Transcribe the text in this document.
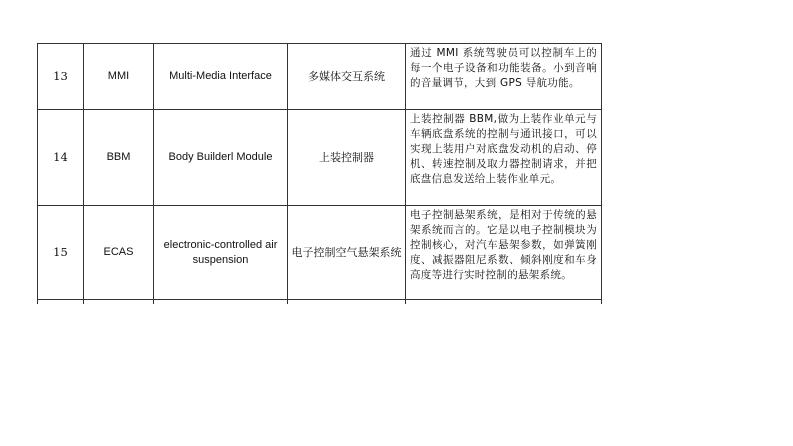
13	MMI	Multi-Media Interface	多媒体交互系统	通过 MMI 系统驾驶员可以控制车上的每一个电子设备和功能装备。小到音响的音量调节，大到 GPS 导航功能。
14	BBM	Body Builderl Module	上装控制器	上装控制器 BBM,做为上装作业单元与车辆底盘系统的控制与通讯接口，可以实现上装用户对底盘发动机的启动、停机、转速控制及取力器控制请求，并把底盘信息发送给上装作业单元。
15	ECAS	electronic-controlled air suspension	电子控制空气悬架系统	电子控制悬架系统，是相对于传统的悬架系统而言的。它是以电子控制模块为控制核心，对汽车悬架参数，如弹簧刚度、减振器阻尼系数、倾斜刚度和车身高度等进行实时控制的悬架系统。
